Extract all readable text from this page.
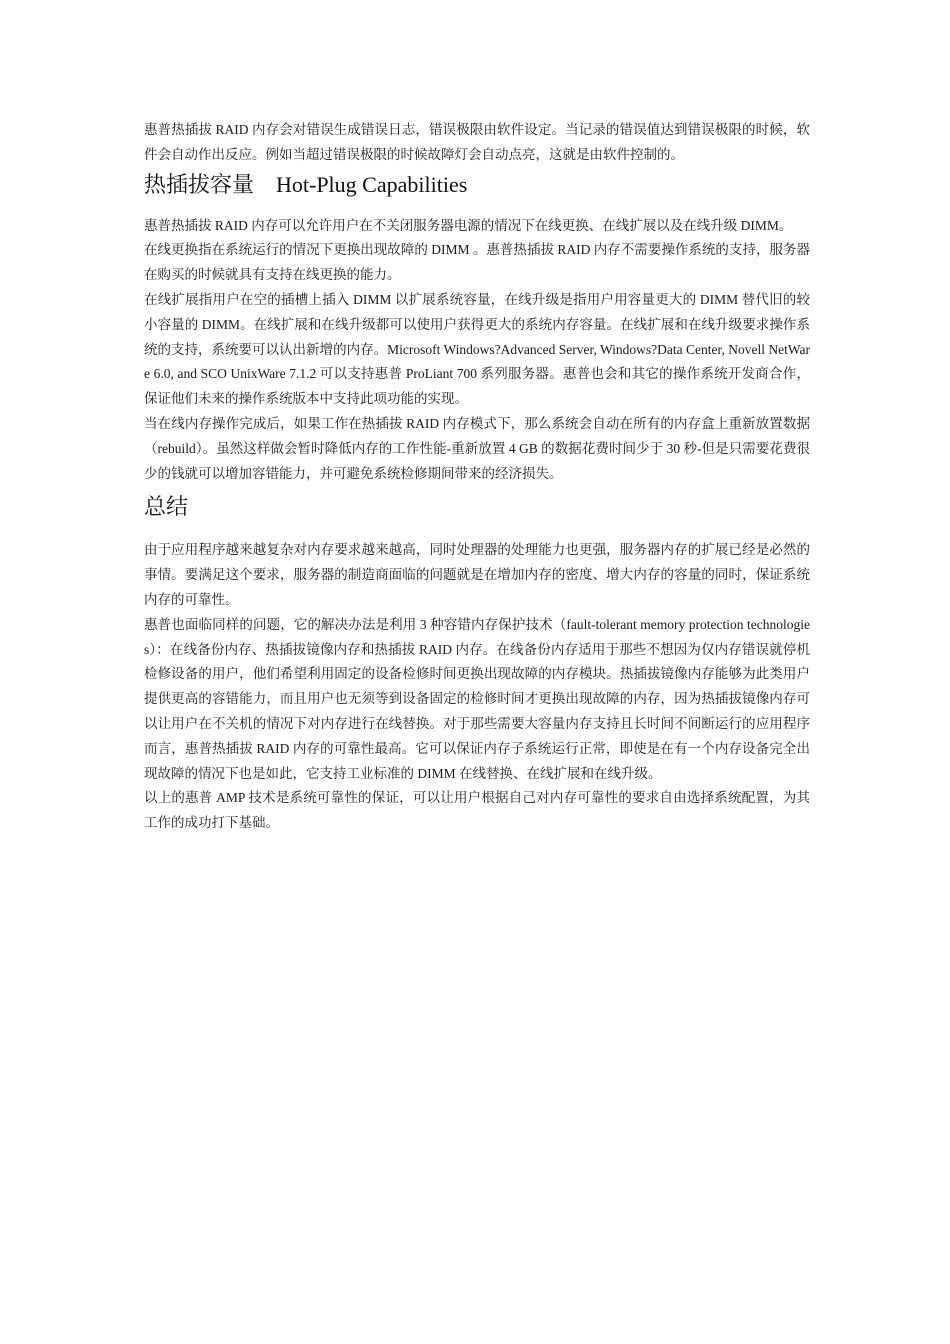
惠普热插拔 RAID 内存会对错误生成错误日志，错误极限由软件设定。当记录的错误值达到错误极限的时候，软件会自动作出反应。例如当超过错误极限的时候故障灯会自动点亮，这就是由软件控制的。

热插拔容量    Hot-Plug Capabilities

惠普热插拔 RAID 内存可以允许用户在不关闭服务器电源的情况下在线更换、在线扩展以及在线升级 DIMM。

在线更换指在系统运行的情况下更换出现故障的 DIMM 。惠普热插拔 RAID 内存不需要操作系统的支持，服务器在购买的时候就具有支持在线更换的能力。

在线扩展指用户在空的插槽上插入 DIMM 以扩展系统容量，在线升级是指用户用容量更大的 DIMM 替代旧的较小容量的 DIMM。在线扩展和在线升级都可以使用户获得更大的系统内存容量。在线扩展和在线升级要求操作系统的支持，系统要可以认出新增的内存。Microsoft Windows?Advanced Server, Windows?Data Center, Novell NetWare 6.0, and SCO UnixWare 7.1.2 可以支持惠普 ProLiant 700 系列服务器。惠普也会和其它的操作系统开发商合作，保证他们未来的操作系统版本中支持此项功能的实现。

当在线内存操作完成后，如果工作在热插拔 RAID 内存模式下，那么系统会自动在所有的内存盒上重新放置数据（rebuild）。虽然这样做会暂时降低内存的工作性能-重新放置 4 GB 的数据花费时间少于 30 秒-但是只需要花费很少的钱就可以增加容错能力，并可避免系统检修期间带来的经济损失。

总结

由于应用程序越来越复杂对内存要求越来越高，同时处理器的处理能力也更强，服务器内存的扩展已经是必然的事情。要满足这个要求，服务器的制造商面临的问题就是在增加内存的密度、增大内存的容量的同时，保证系统内存的可靠性。

惠普也面临同样的问题，它的解决办法是利用 3 种容错内存保护技术（fault-tolerant memory protection technologies）：在线备份内存、热插拔镜像内存和热插拔 RAID 内存。在线备份内存适用于那些不想因为仅内存错误就停机检修设备的用户，他们希望利用固定的设备检修时间更换出现故障的内存模块。热插拔镜像内存能够为此类用户提供更高的容错能力，而且用户也无须等到设备固定的检修时间才更换出现故障的内存，因为热插拔镜像内存可以让用户在不关机的情况下对内存进行在线替换。对于那些需要大容量内存支持且长时间不间断运行的应用程序而言，惠普热插拔 RAID 内存的可靠性最高。它可以保证内存子系统运行正常，即使是在有一个内存设备完全出现故障的情况下也是如此，它支持工业标准的 DIMM 在线替换、在线扩展和在线升级。

以上的惠普 AMP 技术是系统可靠性的保证，可以让用户根据自己对内存可靠性的要求自由选择系统配置，为其工作的成功打下基础。
